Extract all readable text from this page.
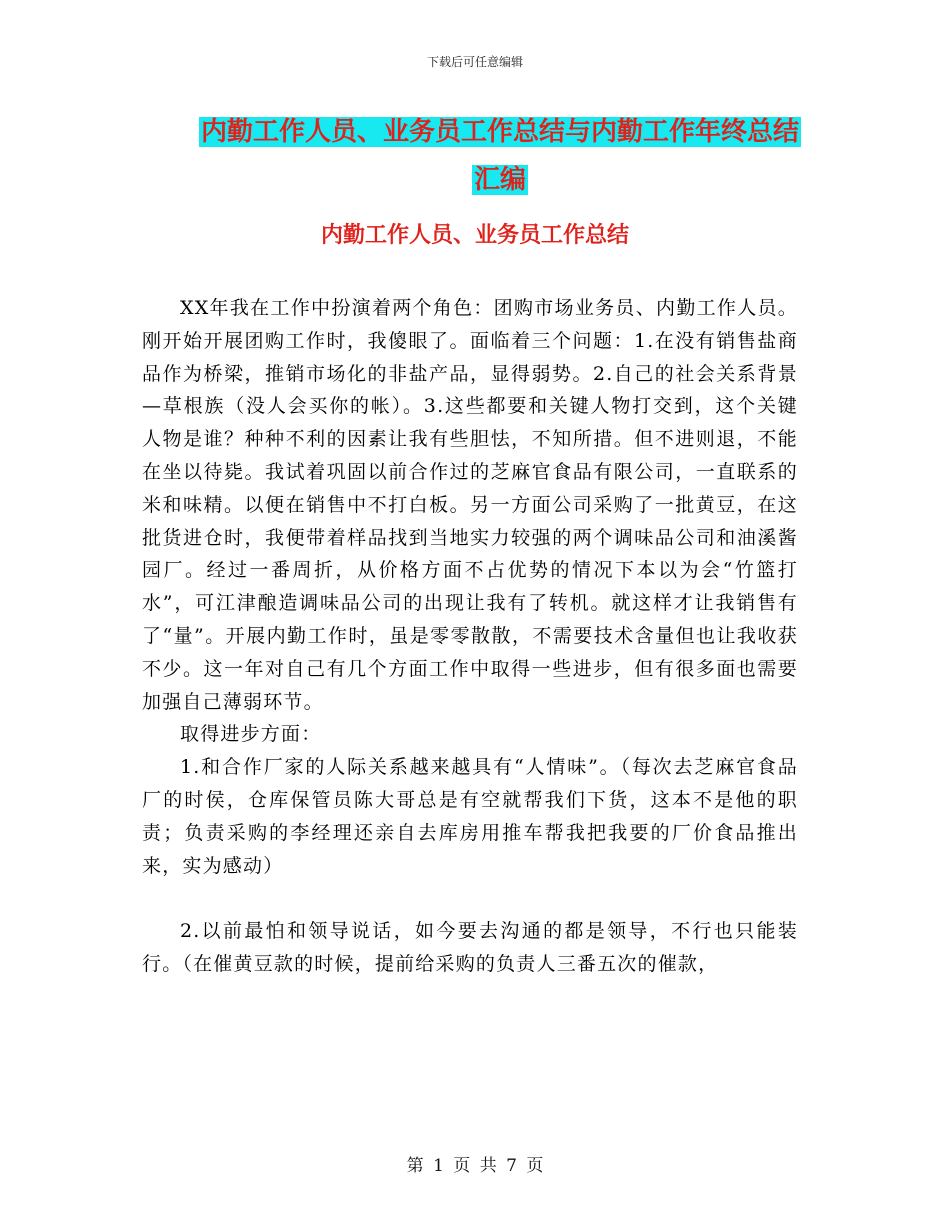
下载后可任意编辑
内勤工作人员、业务员工作总结与内勤工作年终总结
汇编
内勤工作人员、业务员工作总结

XX年我在工作中扮演着两个角色：团购市场业务员、内勤工作人员。刚开始开展团购工作时，我傻眼了。面临着三个问题：1.在没有销售盐商品作为桥梁，推销市场化的非盐产品，显得弱势。2.自己的社会关系背景—草根族（没人会买你的帐）。3.这些都要和关键人物打交到，这个关键人物是谁？种种不利的因素让我有些胆怯，不知所措。但不进则退，不能在坐以待毙。我试着巩固以前合作过的芝麻官食品有限公司，一直联系的米和味精。以便在销售中不打白板。另一方面公司采购了一批黄豆，在这批货进仓时，我便带着样品找到当地实力较强的两个调味品公司和油溪酱园厂。经过一番周折，从价格方面不占优势的情况下本以为会“竹篮打水”，可江津酿造调味品公司的出现让我有了转机。就这样才让我销售有了“量”。开展内勤工作时，虽是零零散散，不需要技术含量但也让我收获不少。这一年对自己有几个方面工作中取得一些进步，但有很多面也需要加强自己薄弱环节。

取得进步方面：

1.和合作厂家的人际关系越来越具有“人情味”。（每次去芝麻官食品厂的时侯，仓库保管员陈大哥总是有空就帮我们下货，这本不是他的职责；负责采购的李经理还亲自去库房用推车帮我把我要的厂价食品推出来，实为感动）

2.以前最怕和领导说话，如今要去沟通的都是领导，不行也只能装行。（在催黄豆款的时候，提前给采购的负责人三番五次的催款，

第 1 页 共 7 页
